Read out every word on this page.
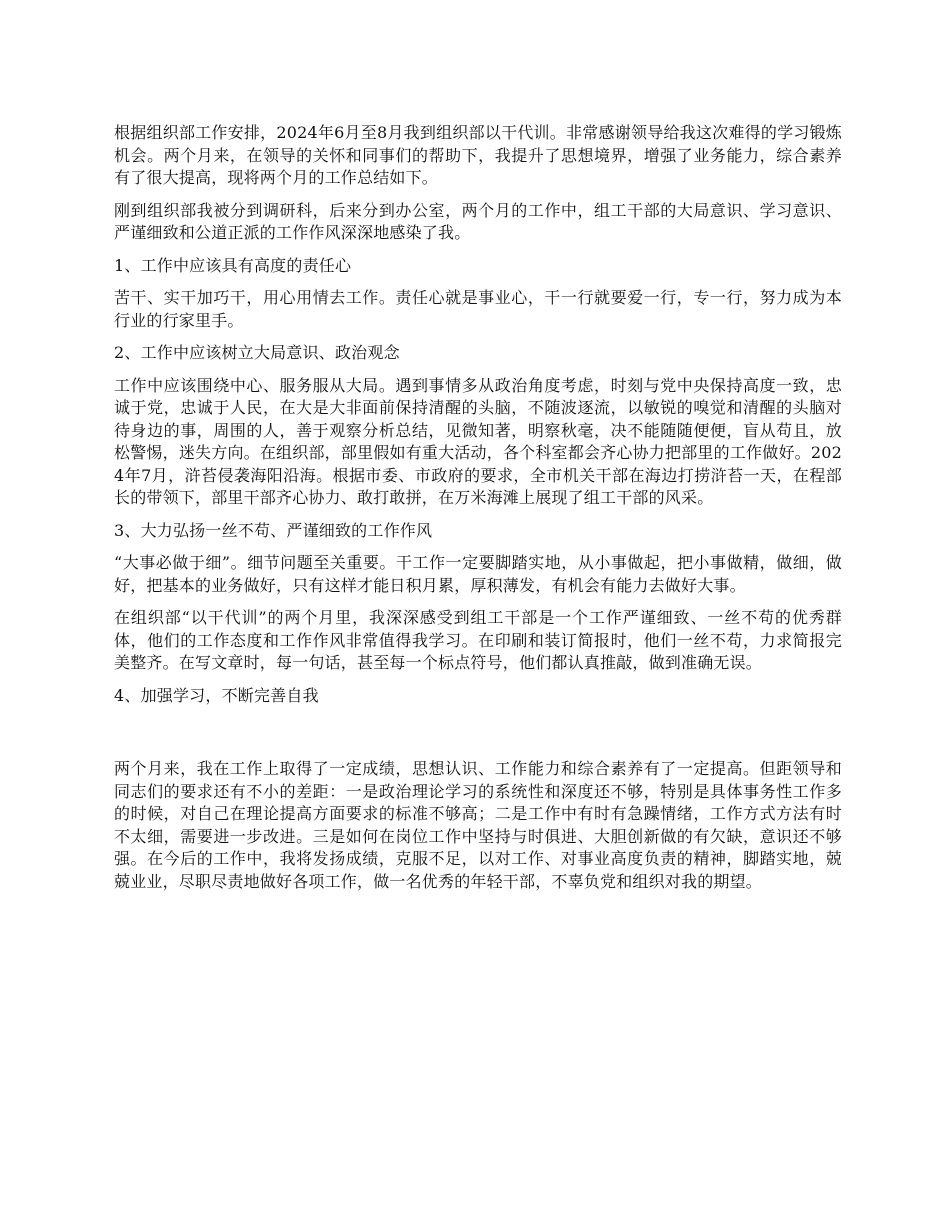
根据组织部工作安排，2024年6月至8月我到组织部以干代训。非常感谢领导给我这次难得的学习锻炼机会。两个月来，在领导的关怀和同事们的帮助下，我提升了思想境界，增强了业务能力，综合素养有了很大提高，现将两个月的工作总结如下。

刚到组织部我被分到调研科，后来分到办公室，两个月的工作中，组工干部的大局意识、学习意识、严谨细致和公道正派的工作作风深深地感染了我。

1、工作中应该具有高度的责任心

苦干、实干加巧干，用心用情去工作。责任心就是事业心，干一行就要爱一行，专一行，努力成为本行业的行家里手。

2、工作中应该树立大局意识、政治观念

工作中应该围绕中心、服务服从大局。遇到事情多从政治角度考虑，时刻与党中央保持高度一致，忠诚于党，忠诚于人民，在大是大非面前保持清醒的头脑，不随波逐流，以敏锐的嗅觉和清醒的头脑对待身边的事，周围的人，善于观察分析总结，见微知著，明察秋毫，决不能随随便便，盲从苟且，放松警惕，迷失方向。在组织部，部里假如有重大活动，各个科室都会齐心协力把部里的工作做好。2024年7月，浒苔侵袭海阳沿海。根据市委、市政府的要求，全市机关干部在海边打捞浒苔一天，在程部长的带领下，部里干部齐心协力、敢打敢拼，在万米海滩上展现了组工干部的风采。

3、大力弘扬一丝不苟、严谨细致的工作作风

“大事必做于细”。细节问题至关重要。干工作一定要脚踏实地，从小事做起，把小事做精，做细，做好，把基本的业务做好，只有这样才能日积月累，厚积薄发，有机会有能力去做好大事。

在组织部“以干代训”的两个月里，我深深感受到组工干部是一个工作严谨细致、一丝不苟的优秀群体，他们的工作态度和工作作风非常值得我学习。在印刷和装订简报时，他们一丝不苟，力求简报完美整齐。在写文章时，每一句话，甚至每一个标点符号，他们都认真推敲，做到准确无误。

4、加强学习，不断完善自我

两个月来，我在工作上取得了一定成绩，思想认识、工作能力和综合素养有了一定提高。但距领导和同志们的要求还有不小的差距：一是政治理论学习的系统性和深度还不够，特别是具体事务性工作多的时候，对自己在理论提高方面要求的标准不够高；二是工作中有时有急躁情绪，工作方式方法有时不太细，需要进一步改进。三是如何在岗位工作中坚持与时俱进、大胆创新做的有欠缺，意识还不够强。在今后的工作中，我将发扬成绩，克服不足，以对工作、对事业高度负责的精神，脚踏实地，兢兢业业，尽职尽责地做好各项工作，做一名优秀的年轻干部，不辜负党和组织对我的期望。
